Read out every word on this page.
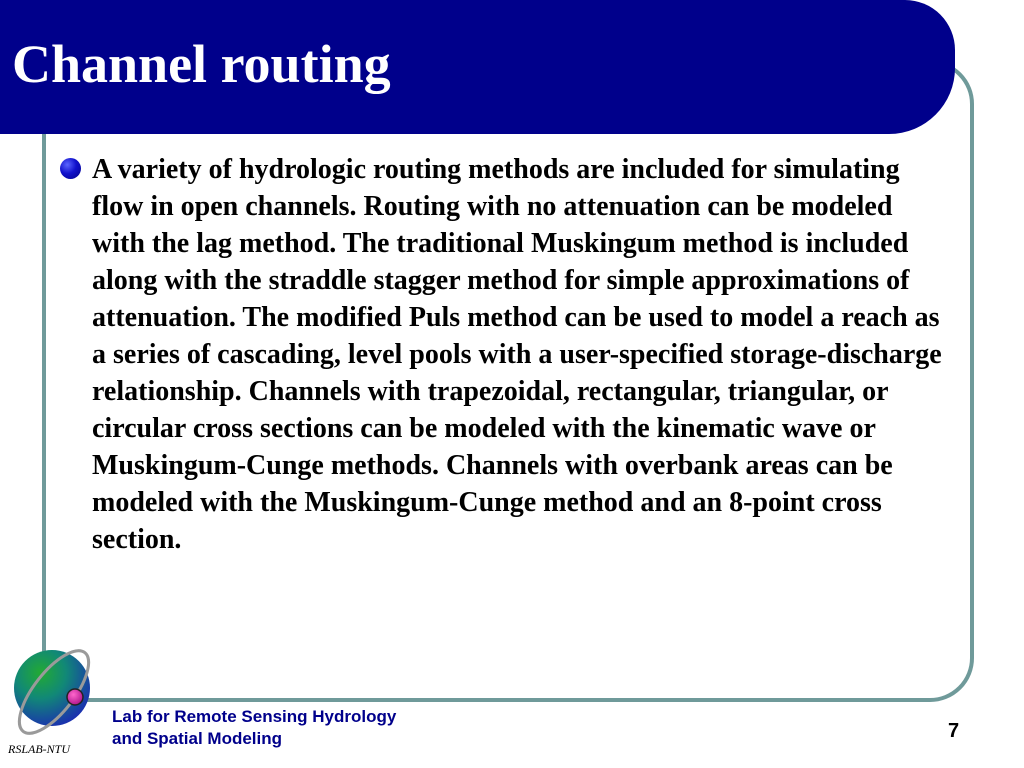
Channel routing

A variety of hydrologic routing methods are included for simulating flow in open channels. Routing with no attenuation can be modeled with the lag method. The traditional Muskingum method is included along with the straddle stagger method for simple approximations of attenuation. The modified Puls method can be used to model a reach as a series of cascading, level pools with a user-specified storage-discharge relationship. Channels with trapezoidal, rectangular, triangular, or circular cross sections can be modeled with the kinematic wave or Muskingum-Cunge methods. Channels with overbank areas can be modeled with the Muskingum-Cunge method and an 8-point cross section.

RSLAB-NTU
Lab for Remote Sensing Hydrology
and Spatial Modeling	7
